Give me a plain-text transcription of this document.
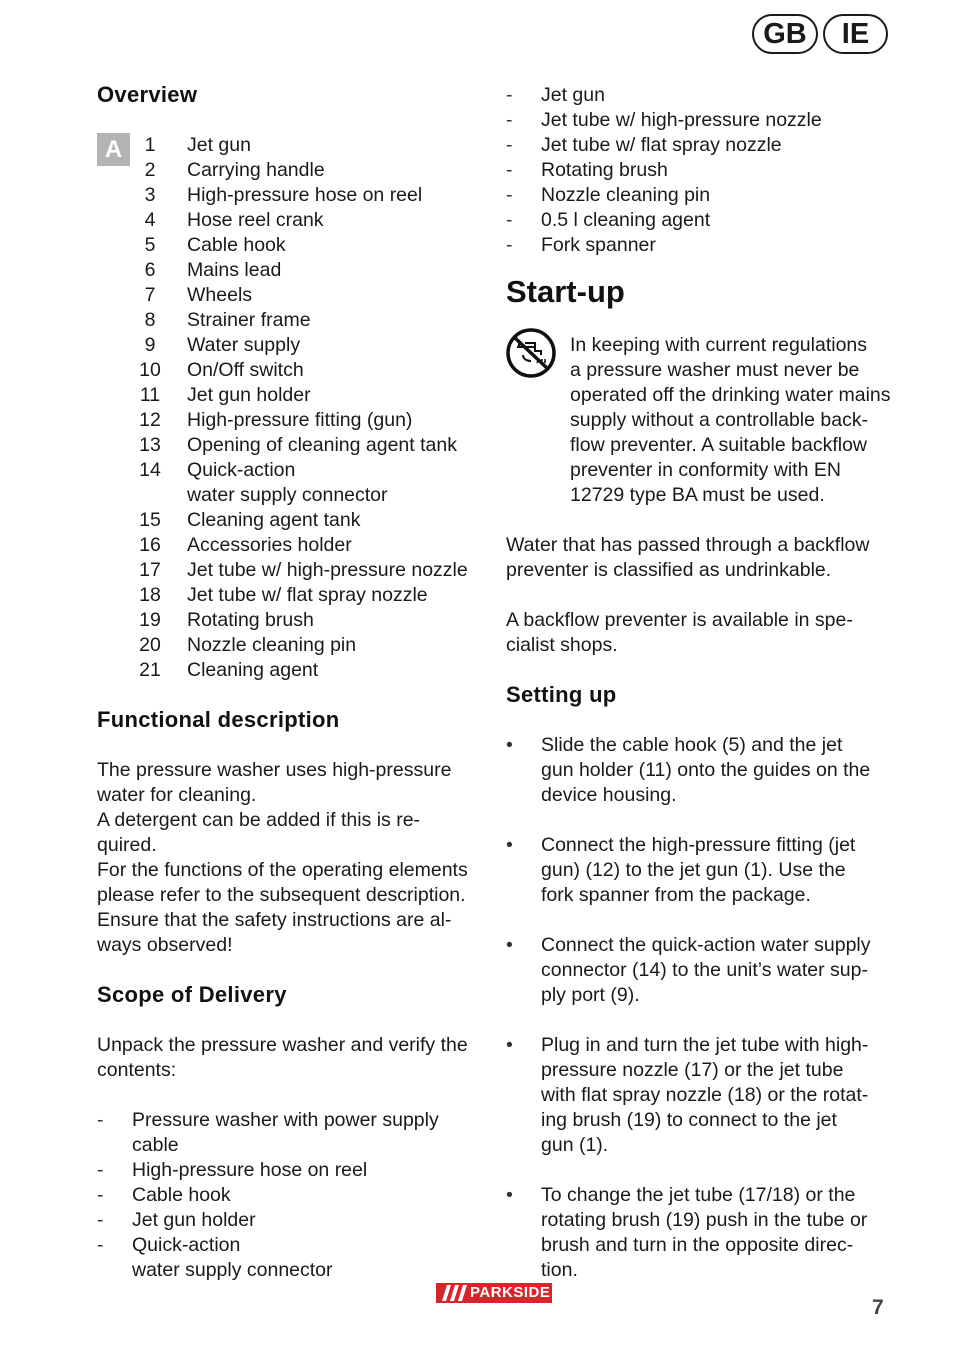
GB	IE
Overview
A	1	Jet gun
2	Carrying handle
3	High-pressure hose on reel
4	Hose reel crank
5	Cable hook
6	Mains lead
7	Wheels
8	Strainer frame
9	Water supply
10	On/Off switch
11	Jet gun holder
12	High-pressure fitting (gun)
13	Opening of cleaning agent tank
14	Quick-action
water supply connector
15	Cleaning agent tank
16	Accessories holder
17	Jet tube w/ high-pressure nozzle
18	Jet tube w/ flat spray nozzle
19	Rotating brush
20	Nozzle cleaning pin
21	Cleaning agent
Functional description
The pressure washer uses high-pressure
water for cleaning.
A detergent can be added if this is re-
quired.
For the functions of the operating elements
please refer to the subsequent description.
Ensure that the safety instructions are al-
ways observed!
Scope of Delivery
Unpack the pressure washer and verify the
contents:
- Pressure washer with power supply
cable
- High-pressure hose on reel
- Cable hook
- Jet gun holder
- Quick-action
water supply connector
- Jet gun
- Jet tube w/ high-pressure nozzle
- Jet tube w/ flat spray nozzle
- Rotating brush
- Nozzle cleaning pin
- 0.5 l cleaning agent
- Fork spanner
Start-up
In keeping with current regulations
a pressure washer must never be
operated off the drinking water mains
supply without a controllable back-
flow preventer. A suitable backflow
preventer in conformity with EN
12729 type BA must be used.
Water that has passed through a backflow
preventer is classified as undrinkable.
A backflow preventer is available in spe-
cialist shops.
Setting up
• Slide the cable hook (5) and the jet
gun holder (11) onto the guides on the
device housing.
• Connect the high-pressure fitting (jet
gun) (12) to the jet gun (1). Use the
fork spanner from the package.
• Connect the quick-action water supply
connector (14) to the unit’s water sup-
ply port (9).
• Plug in and turn the jet tube with high-
pressure nozzle (17) or the jet tube
with flat spray nozzle (18) or the rotat-
ing brush (19) to connect to the jet
gun (1).
• To change the jet tube (17/18) or the
rotating brush (19) push in the tube or
brush and turn in the opposite direc-
tion.
PARKSIDE
7
